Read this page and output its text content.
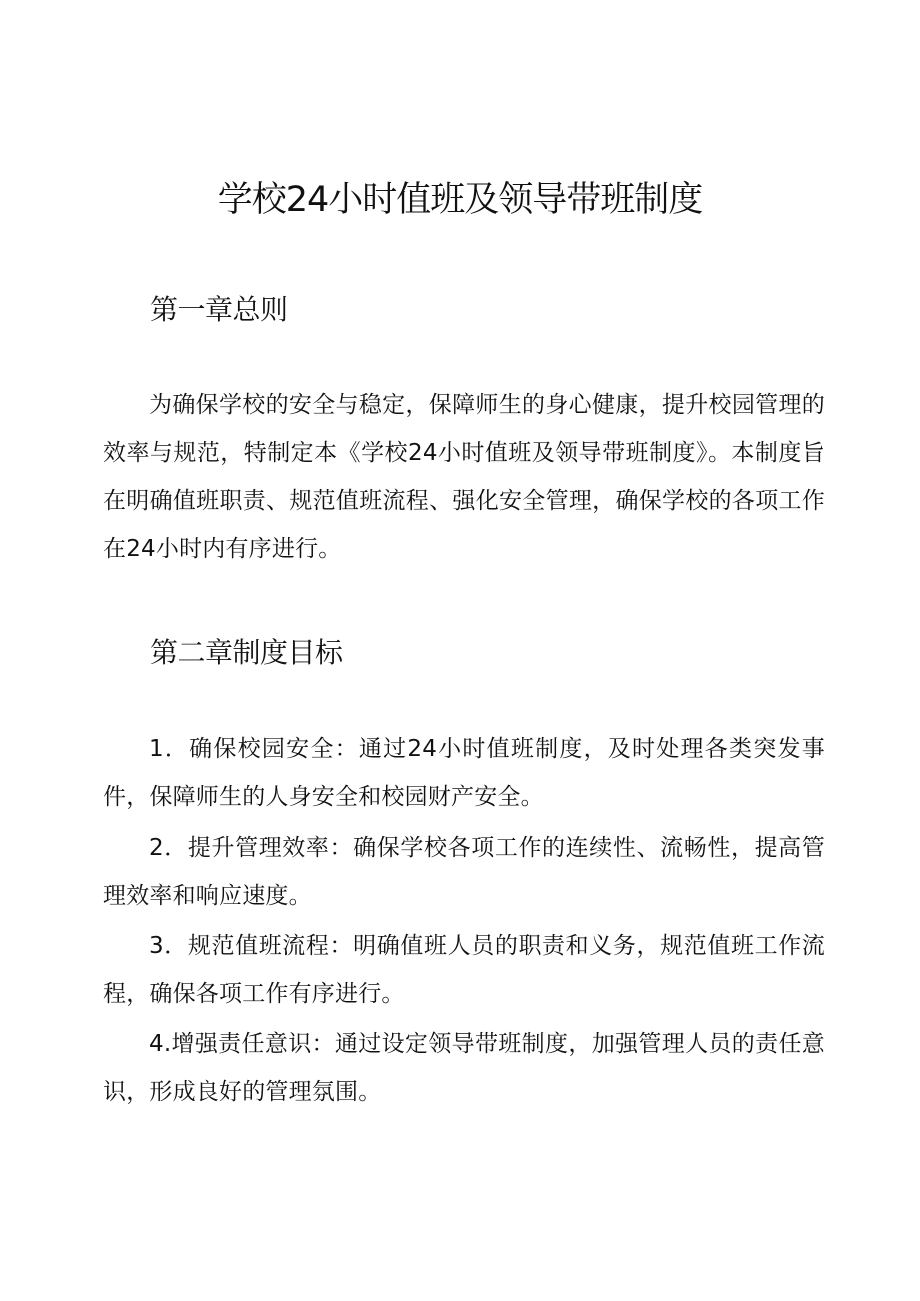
学校24小时值班及领导带班制度
第一章总则

为确保学校的安全与稳定，保障师生的身心健康，提升校园管理的效率与规范，特制定本《学校24小时值班及领导带班制度》。本制度旨在明确值班职责、规范值班流程、强化安全管理，确保学校的各项工作在24小时内有序进行。

第二章制度目标

1．确保校园安全：通过24小时值班制度，及时处理各类突发事件，保障师生的人身安全和校园财产安全。

2．提升管理效率：确保学校各项工作的连续性、流畅性，提高管理效率和响应速度。

3．规范值班流程：明确值班人员的职责和义务，规范值班工作流程，确保各项工作有序进行。

4.增强责任意识：通过设定领导带班制度，加强管理人员的责任意识，形成良好的管理氛围。
